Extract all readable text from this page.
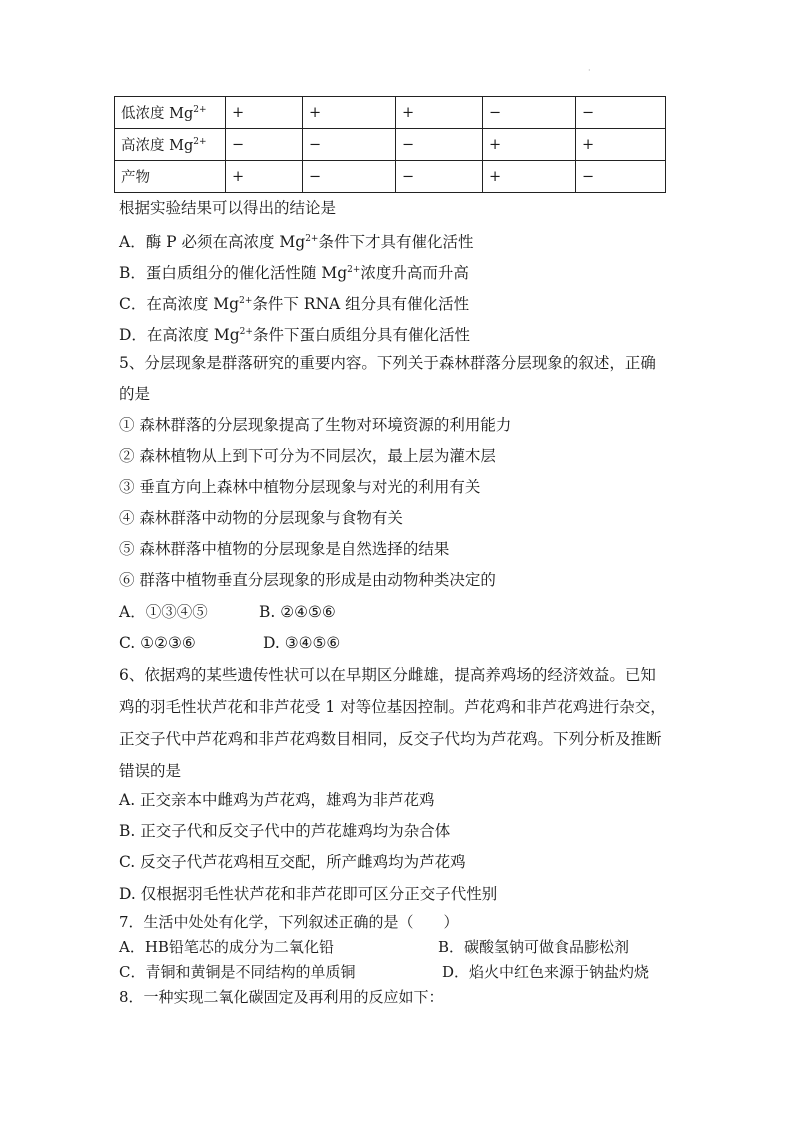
·
低浓度 $Mg^{2+}$	+	+	+	−	−
高浓度 $Mg^{2+}$	−	−	−	+	+
产物	+	−	−	+	−
根据实验结果可以得出的结论是
A．酶 P 必须在高浓度 $Mg^{2+}$条件下才具有催化活性
B．蛋白质组分的催化活性随 $Mg^{2+}$浓度升高而升高
C．在高浓度 $Mg^{2+}$条件下 RNA 组分具有催化活性
D．在高浓度 $Mg^{2+}$条件下蛋白质组分具有催化活性
5、分层现象是群落研究的重要内容。下列关于森林群落分层现象的叙述，正确
的是
① 森林群落的分层现象提高了生物对环境资源的利用能力
② 森林植物从上到下可分为不同层次，最上层为灌木层
③ 垂直方向上森林中植物分层现象与对光的利用有关
④ 森林群落中动物的分层现象与食物有关
⑤ 森林群落中植物的分层现象是自然选择的结果
⑥ 群落中植物垂直分层现象的形成是由动物种类决定的
A．①③④⑤	B. ②④⑤⑥
C. ①②③⑥	D. ③④⑤⑥
6、依据鸡的某些遗传性状可以在早期区分雌雄，提高养鸡场的经济效益。已知
鸡的羽毛性状芦花和非芦花受 1 对等位基因控制。芦花鸡和非芦花鸡进行杂交，
正交子代中芦花鸡和非芦花鸡数目相同，反交子代均为芦花鸡。下列分析及推断
错误的是
A. 正交亲本中雌鸡为芦花鸡，雄鸡为非芦花鸡
B. 正交子代和反交子代中的芦花雄鸡均为杂合体
C. 反交子代芦花鸡相互交配，所产雌鸡均为芦花鸡
D. 仅根据羽毛性状芦花和非芦花即可区分正交子代性别
7．生活中处处有化学，下列叙述正确的是（　　）
A．HB铅笔芯的成分为二氧化铅	B．碳酸氢钠可做食品膨松剂
C．青铜和黄铜是不同结构的单质铜	D．焰火中红色来源于钠盐灼烧
8．一种实现二氧化碳固定及再利用的反应如下：
